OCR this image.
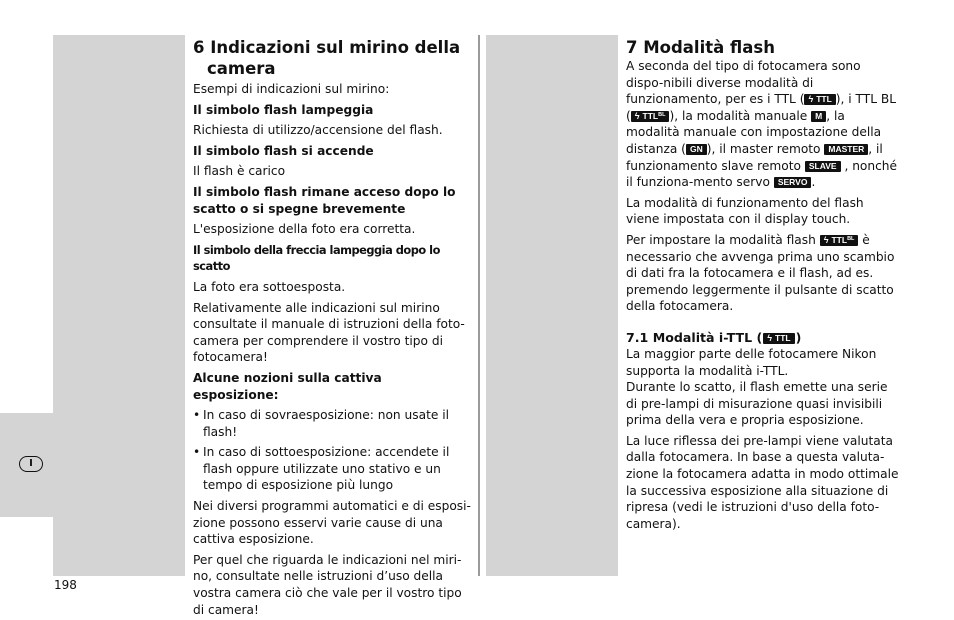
I
6 Indicazioni sul mirino della
camera

Esempi di indicazioni sul mirino:

Il simbolo flash lampeggia

Richiesta di utilizzo/accensione del flash.

Il simbolo flash si accende

Il flash è carico

Il simbolo flash rimane acceso dopo lo scatto o si spegne brevemente

L'esposizione della foto era corretta.

Il simbolo della freccia lampeggia dopo lo scatto

La foto era sottoesposta.

Relativamente alle indicazioni sul mirino consultate il manuale di istruzioni della foto-camera per comprendere il vostro tipo di fotocamera!

Alcune nozioni sulla cattiva esposizione:

• In caso di sovraesposizione: non usate il flash!
• In caso di sottoesposizione: accendete il flash oppure utilizzate uno stativo e un tempo di esposizione più lungo

Nei diversi programmi automatici e di esposi-zione possono esservi varie cause di una cattiva esposizione.

Per quel che riguarda le indicazioni nel miri-no, consultate nelle istruzioni d’uso della vostra camera ciò che vale per il vostro tipo di camera!

7 Modalità flash

A seconda del tipo di fotocamera sono dispo-nibili diverse modalità di funzionamento, per es i TTL ( ϟ TTL ), i TTL BL ( ϟ $TTL^{BL}$ ), la modalità manuale M , la modalità manuale con impostazione della distanza ( GN ), il master remoto MASTER , il funzionamento slave remoto SLAVE , nonché il funziona-mento servo SERVO .

La modalità di funzionamento del flash viene impostata con il display touch.

Per impostare la modalità flash ϟ $TTL^{BL}$ è necessario che avvenga prima uno scambio di dati fra la fotocamera e il flash, ad es. premendo leggermente il pulsante di scatto della fotocamera.

7.1 Modalità i-TTL ( ϟ TTL )

La maggior parte delle fotocamere Nikon supporta la modalità i-TTL.

Durante lo scatto, il flash emette una serie di pre-lampi di misurazione quasi invisibili prima della vera e propria esposizione.

La luce riflessa dei pre-lampi viene valutata dalla fotocamera. In base a questa valuta-zione la fotocamera adatta in modo ottimale la successiva esposizione alla situazione di ripresa (vedi le istruzioni d'uso della foto-camera).

198
